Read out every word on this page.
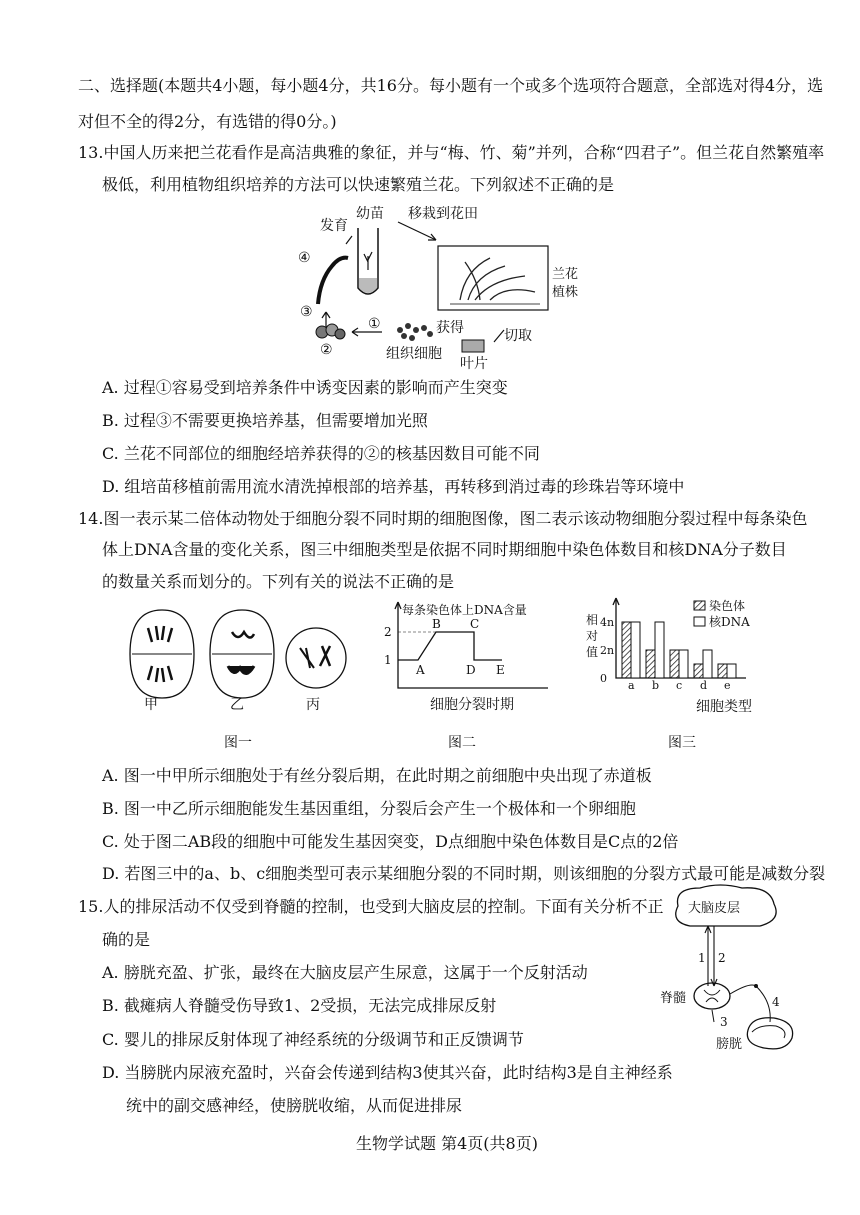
二、选择题(本题共4小题，每小题4分，共16分。每小题有一个或多个选项符合题意，全部选对得4分，选
对但不全的得2分，有选错的得0分。)
13.中国人历来把兰花看作是高洁典雅的象征，并与“梅、竹、菊”并列，合称“四君子”。但兰花自然繁殖率
极低，利用植物组织培养的方法可以快速繁殖兰花。下列叙述不正确的是
发育
幼苗 移栽到花田
兰花
植株
④
③
②
①	获得
组织细胞
叶片
切取
A. 过程①容易受到培养条件中诱变因素的影响而产生突变
B. 过程③不需要更换培养基，但需要增加光照
C. 兰花不同部位的细胞经培养获得的②的核基因数目可能不同
D. 组培苗移植前需用流水清洗掉根部的培养基，再转移到消过毒的珍珠岩等环境中
14.图一表示某二倍体动物处于细胞分裂不同时期的细胞图像，图二表示该动物细胞分裂过程中每条染色
体上DNA含量的变化关系，图三中细胞类型是依据不同时期细胞中染色体数目和核DNA分子数目
的数量关系而划分的。下列有关的说法不正确的是
甲	乙	丙
图一
每条染色体上DNA含量
2
1
A
B C
D E
细胞分裂时期
图二
相
对
值
4n
2n
0
a b c d e
染色体
核DNA
细胞类型
图三
A. 图一中甲所示细胞处于有丝分裂后期，在此时期之前细胞中央出现了赤道板
B. 图一中乙所示细胞能发生基因重组，分裂后会产生一个极体和一个卵细胞
C. 处于图二AB段的细胞中可能发生基因突变，D点细胞中染色体数目是C点的2倍
D. 若图三中的a、b、c细胞类型可表示某细胞分裂的不同时期，则该细胞的分裂方式最可能是减数分裂
15.人的排尿活动不仅受到脊髓的控制，也受到大脑皮层的控制。下面有关分析不正
确的是
A. 膀胱充盈、扩张，最终在大脑皮层产生尿意，这属于一个反射活动
B. 截瘫病人脊髓受伤导致1、2受损，无法完成排尿反射
C. 婴儿的排尿反射体现了神经系统的分级调节和正反馈调节
D. 当膀胱内尿液充盈时，兴奋会传递到结构3使其兴奋，此时结构3是自主神经系
统中的副交感神经，使膀胱收缩，从而促进排尿
大脑皮层
1 2
脊髓	4
3
膀胱
生物学试题 第4页(共8页)
